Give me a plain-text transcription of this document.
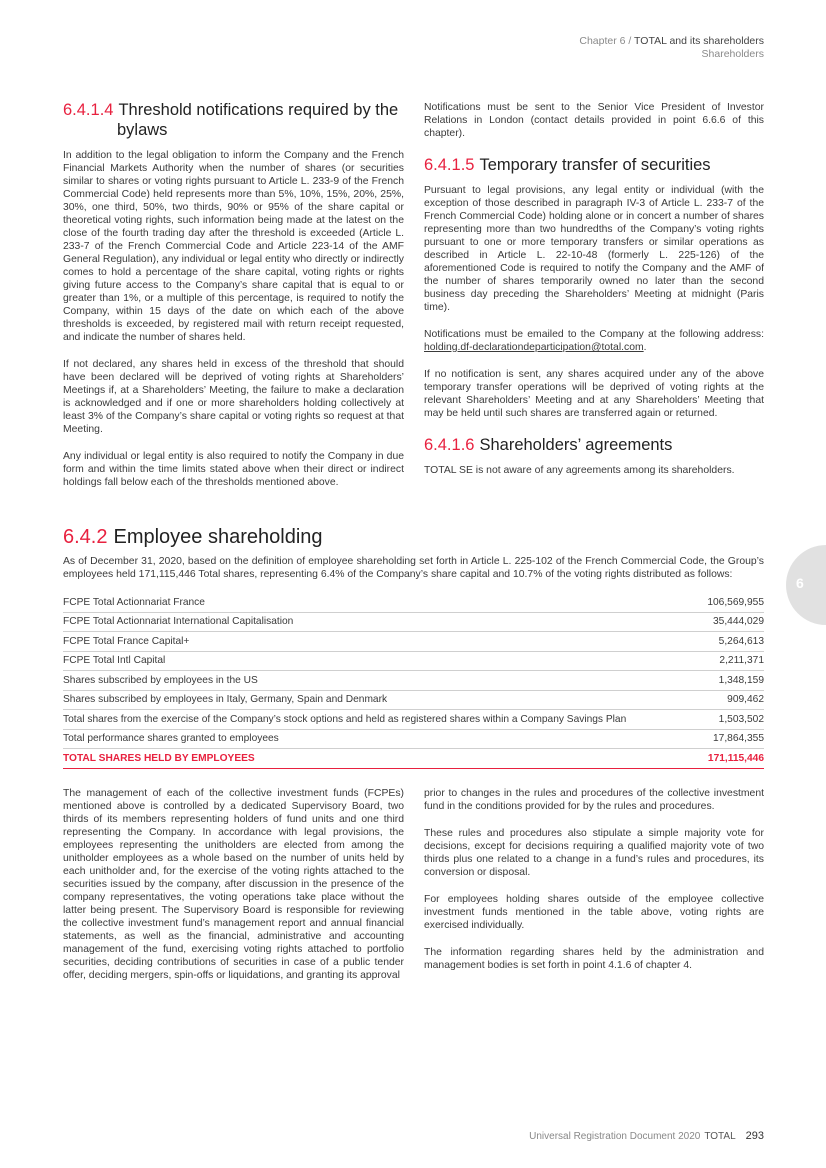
Chapter 6 / TOTAL and its shareholders
Shareholders
6
6.4.1.4 Threshold notifications required by the bylaws

In addition to the legal obligation to inform the Company and the French Financial Markets Authority when the number of shares (or securities similar to shares or voting rights pursuant to Article L. 233-9 of the French Commercial Code) held represents more than 5%, 10%, 15%, 20%, 25%, 30%, one third, 50%, two thirds, 90% or 95% of the share capital or theoretical voting rights, such information being made at the latest on the close of the fourth trading day after the threshold is exceeded (Article L. 233-7 of the French Commercial Code and Article 223-14 of the AMF General Regulation), any individual or legal entity who directly or indirectly comes to hold a percentage of the share capital, voting rights or rights giving future access to the Company’s share capital that is equal to or greater than 1%, or a multiple of this percentage, is required to notify the Company, within 15 days of the date on which each of the above thresholds is exceeded, by registered mail with return receipt requested, and indicate the number of shares held.

If not declared, any shares held in excess of the threshold that should have been declared will be deprived of voting rights at Shareholders’ Meetings if, at a Shareholders’ Meeting, the failure to make a declaration is acknowledged and if one or more shareholders holding collectively at least 3% of the Company’s share capital or voting rights so request at that Meeting.

Any individual or legal entity is also required to notify the Company in due form and within the time limits stated above when their direct or indirect holdings fall below each of the thresholds mentioned above.

Notifications must be sent to the Senior Vice President of Investor Relations in London (contact details provided in point 6.6.6 of this chapter).

6.4.1.5 Temporary transfer of securities

Pursuant to legal provisions, any legal entity or individual (with the exception of those described in paragraph IV-3 of Article L. 233-7 of the French Commercial Code) holding alone or in concert a number of shares representing more than two hundredths of the Company’s voting rights pursuant to one or more temporary transfers or similar operations as described in Article L. 22-10-48 (formerly L. 225-126) of the aforementioned Code is required to notify the Company and the AMF of the number of shares temporarily owned no later than the second business day preceding the Shareholders’ Meeting at midnight (Paris time).

Notifications must be emailed to the Company at the following address: holding.df-declarationdeparticipation@total.com.

If no notification is sent, any shares acquired under any of the above temporary transfer operations will be deprived of voting rights at the relevant Shareholders’ Meeting and at any Shareholders’ Meeting that may be held until such shares are transferred again or returned.

6.4.1.6 Shareholders’ agreements

TOTAL SE is not aware of any agreements among its shareholders.

6.4.2 Employee shareholding

As of December 31, 2020, based on the definition of employee shareholding set forth in Article L. 225-102 of the French Commercial Code, the Group’s employees held 171,115,446 Total shares, representing 6.4% of the Company’s share capital and 10.7% of the voting rights distributed as follows:

FCPE Total Actionnariat France	106,569,955
FCPE Total Actionnariat International Capitalisation	35,444,029
FCPE Total France Capital+	5,264,613
FCPE Total Intl Capital	2,211,371
Shares subscribed by employees in the US	1,348,159
Shares subscribed by employees in Italy, Germany, Spain and Denmark	909,462
Total shares from the exercise of the Company’s stock options and held as registered shares within a Company Savings Plan	1,503,502
Total performance shares granted to employees	17,864,355
TOTAL SHARES HELD BY EMPLOYEES	171,115,446

The management of each of the collective investment funds (FCPEs) mentioned above is controlled by a dedicated Supervisory Board, two thirds of its members representing holders of fund units and one third representing the Company. In accordance with legal provisions, the employees representing the unitholders are elected from among the unitholder employees as a whole based on the number of units held by each unitholder and, for the exercise of the voting rights attached to the securities issued by the company, after discussion in the presence of the company representatives, the voting operations take place without the latter being present. The Supervisory Board is responsible for reviewing the collective investment fund’s management report and annual financial statements, as well as the financial, administrative and accounting management of the fund, exercising voting rights attached to portfolio securities, deciding contributions of securities in case of a public tender offer, deciding mergers, spin-offs or liquidations, and granting its approval

prior to changes in the rules and procedures of the collective investment fund in the conditions provided for by the rules and procedures.

These rules and procedures also stipulate a simple majority vote for decisions, except for decisions requiring a qualified majority vote of two thirds plus one related to a change in a fund’s rules and procedures, its conversion or disposal.

For employees holding shares outside of the employee collective investment funds mentioned in the table above, voting rights are exercised individually.

The information regarding shares held by the administration and management bodies is set forth in point 4.1.6 of chapter 4.

Universal Registration Document 2020 TOTAL 293
